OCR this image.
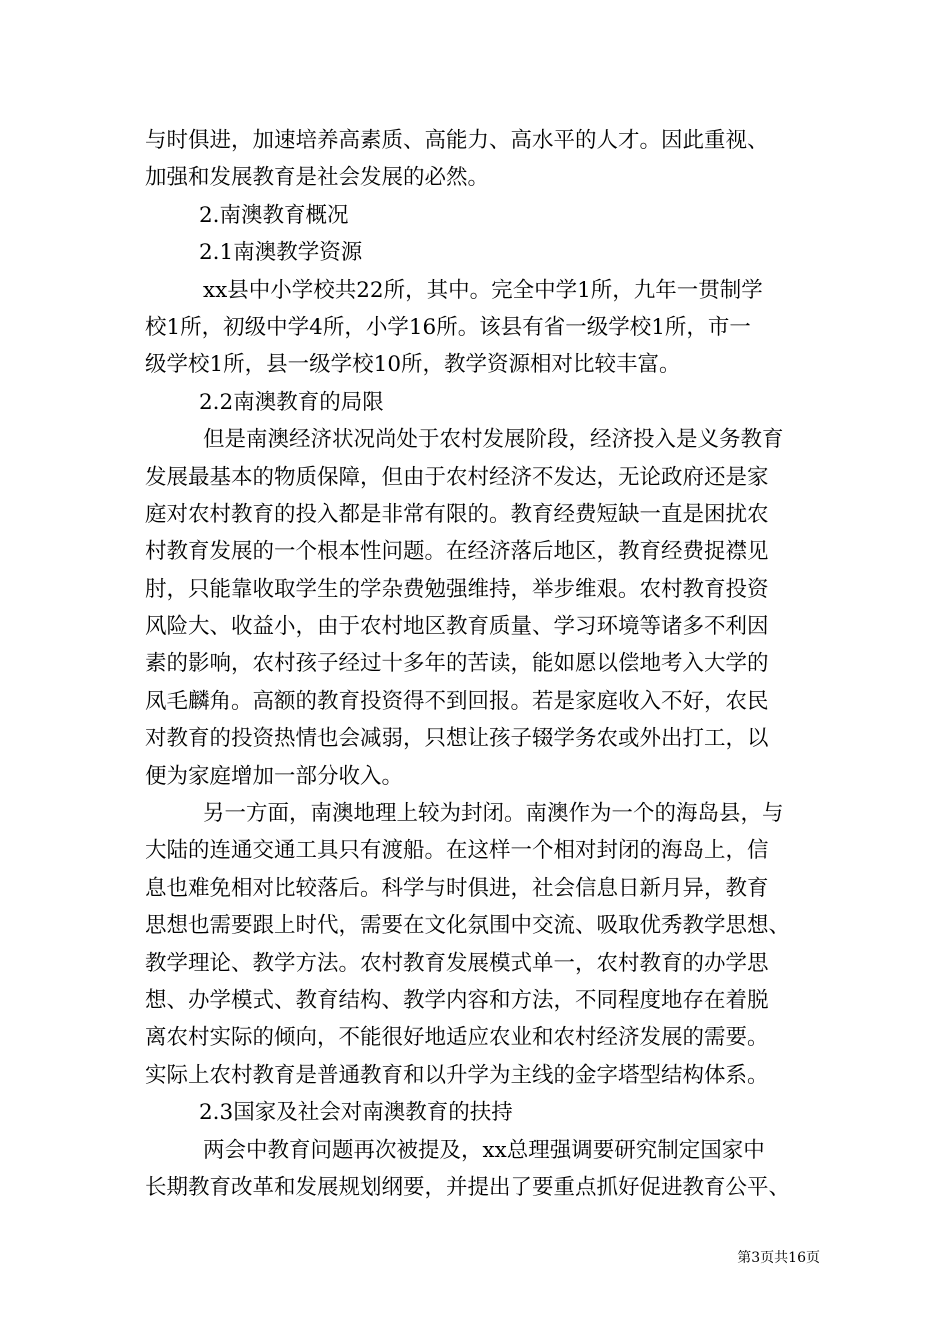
与时俱进，加速培养高素质、高能力、高水平的人才。因此重视、
加强和发展教育是社会发展的必然。
2.南澳教育概况
2.1南澳教学资源
xx县中小学校共22所，其中。完全中学1所，九年一贯制学
校1所，初级中学4所，小学16所。该县有省一级学校1所，市一
级学校1所，县一级学校10所，教学资源相对比较丰富。
2.2南澳教育的局限
但是南澳经济状况尚处于农村发展阶段，经济投入是义务教育
发展最基本的物质保障，但由于农村经济不发达，无论政府还是家
庭对农村教育的投入都是非常有限的。教育经费短缺一直是困扰农
村教育发展的一个根本性问题。在经济落后地区，教育经费捉襟见
肘，只能靠收取学生的学杂费勉强维持，举步维艰。农村教育投资
风险大、收益小，由于农村地区教育质量、学习环境等诸多不利因
素的影响，农村孩子经过十多年的苦读，能如愿以偿地考入大学的
凤毛麟角。高额的教育投资得不到回报。若是家庭收入不好，农民
对教育的投资热情也会减弱，只想让孩子辍学务农或外出打工，以
便为家庭增加一部分收入。
另一方面，南澳地理上较为封闭。南澳作为一个的海岛县，与
大陆的连通交通工具只有渡船。在这样一个相对封闭的海岛上，信
息也难免相对比较落后。科学与时俱进，社会信息日新月异，教育
思想也需要跟上时代，需要在文化氛围中交流、吸取优秀教学思想、
教学理论、教学方法。农村教育发展模式单一，农村教育的办学思
想、办学模式、教育结构、教学内容和方法，不同程度地存在着脱
离农村实际的倾向，不能很好地适应农业和农村经济发展的需要。
实际上农村教育是普通教育和以升学为主线的金字塔型结构体系。
2.3国家及社会对南澳教育的扶持
两会中教育问题再次被提及，xx总理强调要研究制定国家中
长期教育改革和发展规划纲要，并提出了要重点抓好促进教育公平、
第3页共16页
